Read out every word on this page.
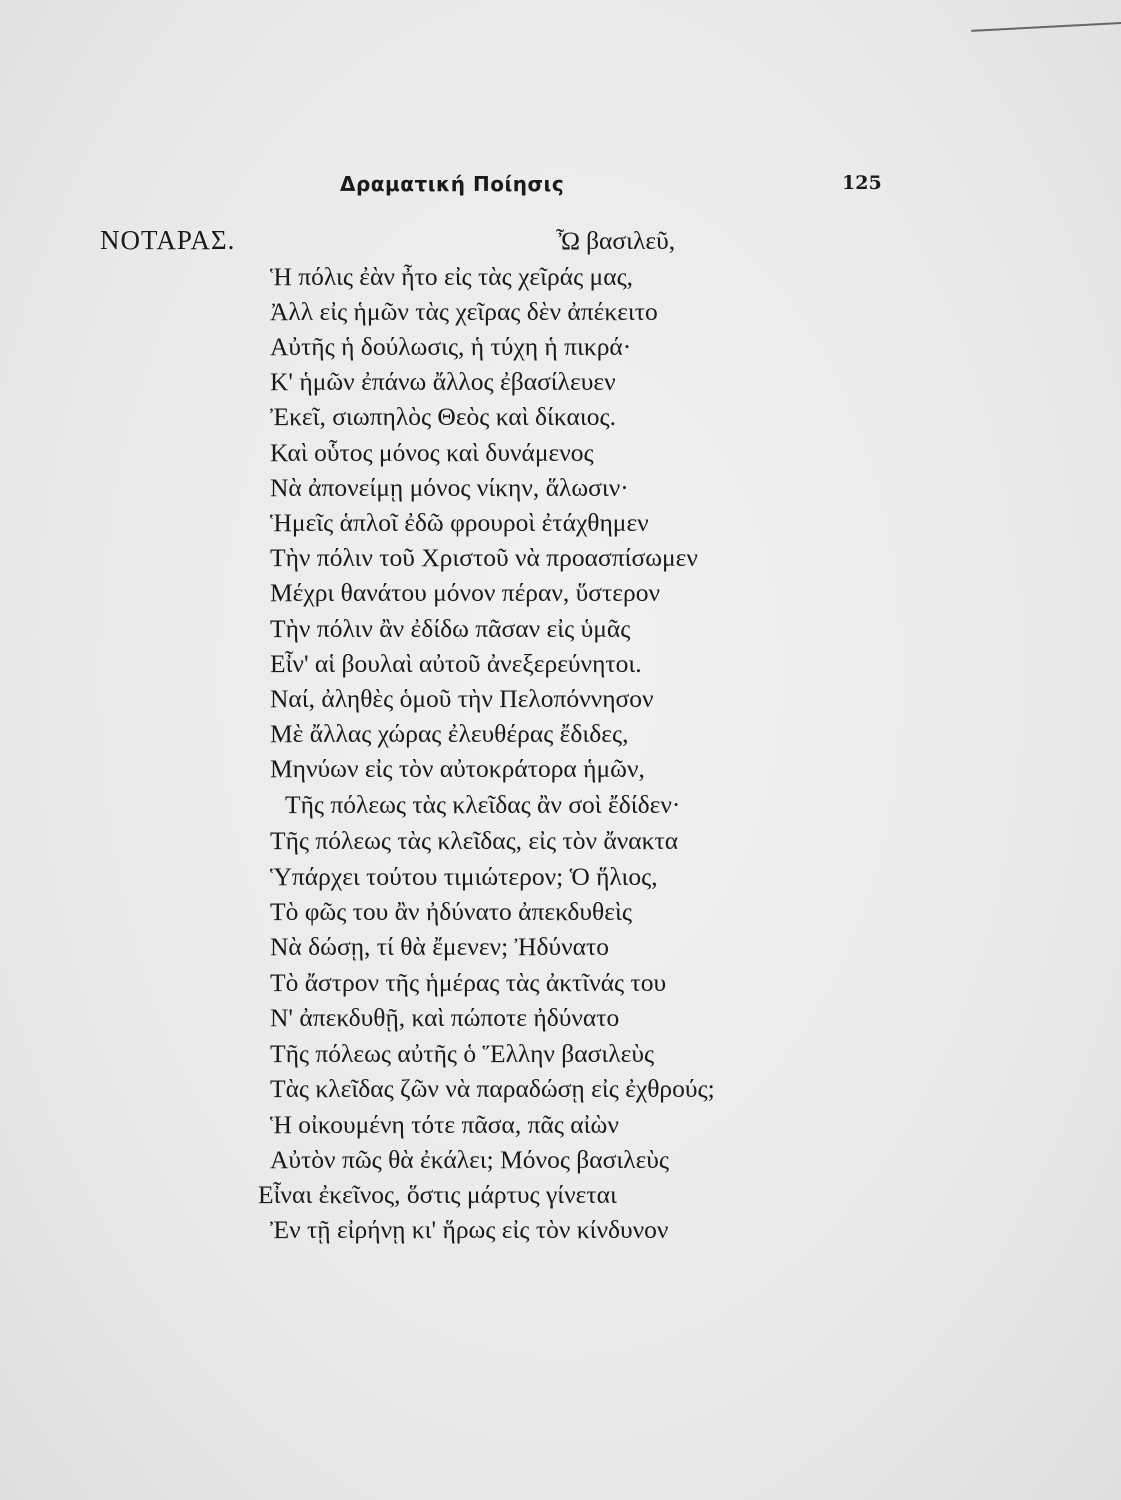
Δραματική Ποίησις	125
ΝΟΤΑΡΑΣ.	Ὦ βασιλεῦ,
Ἡ πόλις ἐὰν ἦτο εἰς τὰς χεῖράς μας,
Ἀλλ εἰς ἡμῶν τὰς χεῖρας δὲν ἀπέκειτο
Αὐτῆς ἡ δούλωσις, ἡ τύχη ἡ πικρά·
Κ' ἡμῶν ἐπάνω ἄλλος ἐβασίλευεν
Ἐκεῖ, σιωπηλὸς Θεὸς καὶ δίκαιος.
Καὶ οὗτος μόνος καὶ δυνάμενος
Νὰ ἀπονείμῃ μόνος νίκην, ἅλωσιν·
Ἡμεῖς ἁπλοῖ ἐδῶ φρουροὶ ἐτάχθημεν
Τὴν πόλιν τοῦ Χριστοῦ νὰ προασπίσωμεν
Μέχρι θανάτου μόνον πέραν, ὕστερον
Τὴν πόλιν ἂν ἐδίδω πᾶσαν εἰς ὑμᾶς
Εἶν' αἱ βουλαὶ αὐτοῦ ἀνεξερεύνητοι.
Ναί, ἀληθὲς ὁμοῦ τὴν Πελοπόννησον
Μὲ ἄλλας χώρας ἐλευθέρας ἔδιδες,
Μηνύων εἰς τὸν αὐτοκράτορα ἡμῶν,
Τῆς πόλεως τὰς κλεῖδας ἂν σοὶ ἔδίδεν·
Τῆς πόλεως τὰς κλεῖδας, εἰς τὸν ἄνακτα
Ὑπάρχει τούτου τιμιώτερον; Ὁ ἥλιος,
Τὸ φῶς του ἂν ἠδύνατο ἀπεκδυθεὶς
Νὰ δώσῃ, τί θὰ ἔμενεν; Ἠδύνατο
Τὸ ἄστρον τῆς ἡμέρας τὰς ἀκτῖνάς του
Ν' ἀπεκδυθῇ, καὶ πώποτε ἠδύνατο
Τῆς πόλεως αὐτῆς ὁ Ἕλλην βασιλεὺς
Τὰς κλεῖδας ζῶν νὰ παραδώσῃ εἰς ἐχθρούς;
Ἡ οἰκουμένη τότε πᾶσα, πᾶς αἰὼν
Αὐτὸν πῶς θὰ ἐκάλει; Μόνος βασιλεὺς
Εἶναι ἐκεῖνος, ὅστις μάρτυς γίνεται
Ἐν τῇ εἰρήνῃ κι' ἥρως εἰς τὸν κίνδυνον
